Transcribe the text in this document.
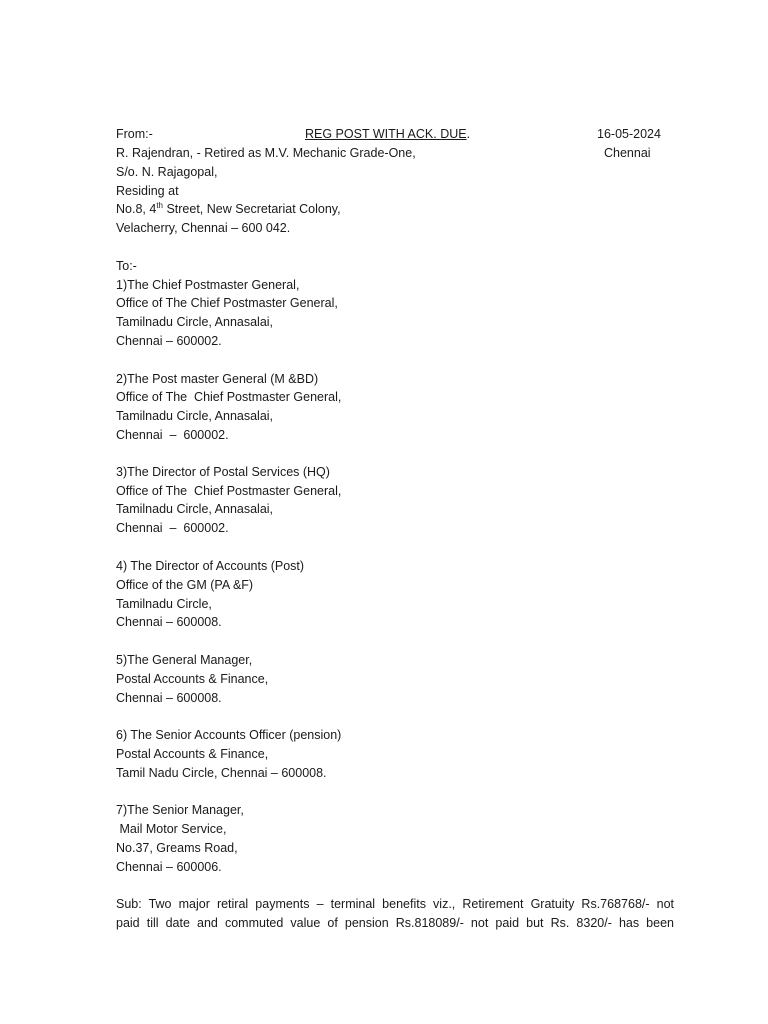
From:-	REG POST WITH ACK. DUE.	16-05-2024
Chennai
R. Rajendran, - Retired as M.V. Mechanic Grade-One,
S/o. N. Rajagopal,
Residing at
No.8, 4th Street, New Secretariat Colony,
Velacherry, Chennai – 600 042.
To:-
1)The Chief Postmaster General,
Office of The Chief Postmaster General,
Tamilnadu Circle, Annasalai,
Chennai – 600002.
2)The Post master General (M &BD)
Office of The  Chief Postmaster General,
Tamilnadu Circle, Annasalai,
Chennai  –  600002.
3)The Director of Postal Services (HQ)
Office of The  Chief Postmaster General,
Tamilnadu Circle, Annasalai,
Chennai  –  600002.
4) The Director of Accounts (Post)
Office of the GM (PA &F)
Tamilnadu Circle,
Chennai – 600008.
5)The General Manager,
Postal Accounts & Finance,
Chennai – 600008.
6) The Senior Accounts Officer (pension)
Postal Accounts & Finance,
Tamil Nadu Circle, Chennai – 600008.
7)The Senior Manager,
Mail Motor Service,
No.37, Greams Road,
Chennai – 600006.
Sub: Two major retiral payments – terminal benefits viz., Retirement Gratuity Rs.768768/- not
paid till date and commuted value of pension Rs.818089/- not paid but Rs. 8320/- has been
